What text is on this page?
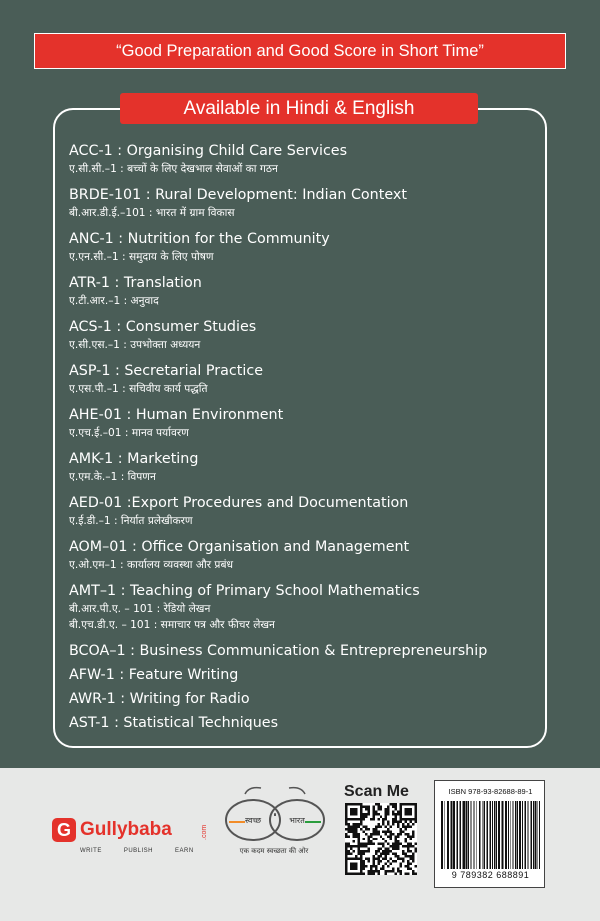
“Good Preparation and Good Score in Short Time”
Available in Hindi & English
ACC-1 : Organising Child Care Services
ए.सी.सी.–1 : बच्चों के लिए देखभाल सेवाओं का गठन
BRDE-101 : Rural Development: Indian Context
बी.आर.डी.ई.–101 : भारत में ग्राम विकास
ANC-1 : Nutrition for the Community
ए.एन.सी.–1 : समुदाय के लिए पोषण
ATR-1 : Translation
ए.टी.आर.–1 : अनुवाद
ACS-1 : Consumer Studies
ए.सी.एस.–1 : उपभोक्ता अध्ययन
ASP-1 : Secretarial Practice
ए.एस.पी.–1 : सचिवीय कार्य पद्धति
AHE-01 : Human Environment
ए.एच.ई.–01 : मानव पर्यावरण
AMK-1 : Marketing
ए.एम.के.–1 : विपणन
AED-01 :Export Procedures and Documentation
ए.ई.डी.–1 : निर्यात प्रलेखीकरण
AOM–01 : Office Organisation and Management
ए.ओ.एम–1 : कार्यालय व्यवस्था और प्रबंध
AMT–1 : Teaching of Primary School Mathematics
बी.आर.पी.ए. – 101 : रेडियो लेखन
बी.एच.डी.ए. – 101 : समाचार पत्र और फीचर लेखन
BCOA–1 : Business Communication & Entreprepreneurship
AFW-1 : Feature Writing
AWR-1 : Writing for Radio
AST-1 : Statistical Techniques
G Gullybaba	.com
WRITE	PUBLISH	EARN
स्वच्छ	भारत
एक कदम स्वच्छता की ओर
Scan Me	ISBN 978-93-82688-89-1
9 789382 688891
